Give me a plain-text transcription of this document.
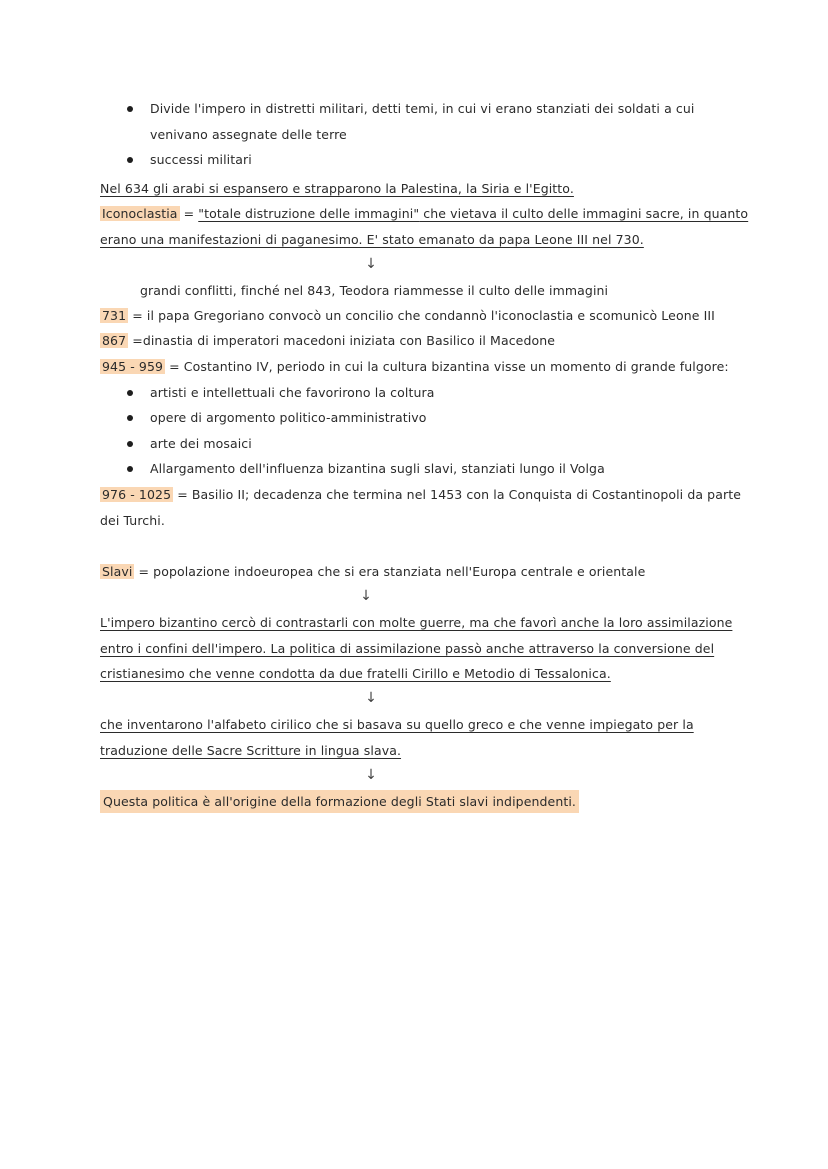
Divide l'impero in distretti militari, detti temi, in cui vi erano stanziati dei soldati a cui
venivano assegnate delle terre
successi militari
Nel 634 gli arabi si espansero e strapparono la Palestina, la Siria e l'Egitto.
Iconoclastia = "totale distruzione delle immagini" che vietava il culto delle immagini sacre, in quanto
erano una manifestazioni di paganesimo. E' stato emanato da papa Leone III nel 730.
↓
grandi conflitti, finché nel 843, Teodora riammesse il culto delle immagini
731 = il papa Gregoriano convocò un concilio che condannò l'iconoclastia e scomunicò Leone III
867 =dinastia di imperatori macedoni iniziata con Basilico il Macedone
945 - 959 = Costantino IV, periodo in cui la cultura bizantina visse un momento di grande fulgore:
artisti e intellettuali che favorirono la coltura
opere di argomento politico-amministrativo
arte dei mosaici
Allargamento dell'influenza bizantina sugli slavi, stanziati lungo il Volga
976 - 1025 = Basilio II; decadenza che termina nel 1453 con la Conquista di Costantinopoli da parte
dei Turchi.
Slavi = popolazione indoeuropea che si era stanziata nell'Europa centrale e orientale
↓
L'impero bizantino cercò di contrastarli con molte guerre, ma che favorì anche la loro assimilazione
entro i confini dell'impero. La politica di assimilazione passò anche attraverso la conversione del
cristianesimo che venne condotta da due fratelli Cirillo e Metodio di Tessalonica.
↓
che inventarono l'alfabeto cirilico che si basava su quello greco e che venne impiegato per la
traduzione delle Sacre Scritture in lingua slava.
↓
Questa politica è all'origine della formazione degli Stati slavi indipendenti.
